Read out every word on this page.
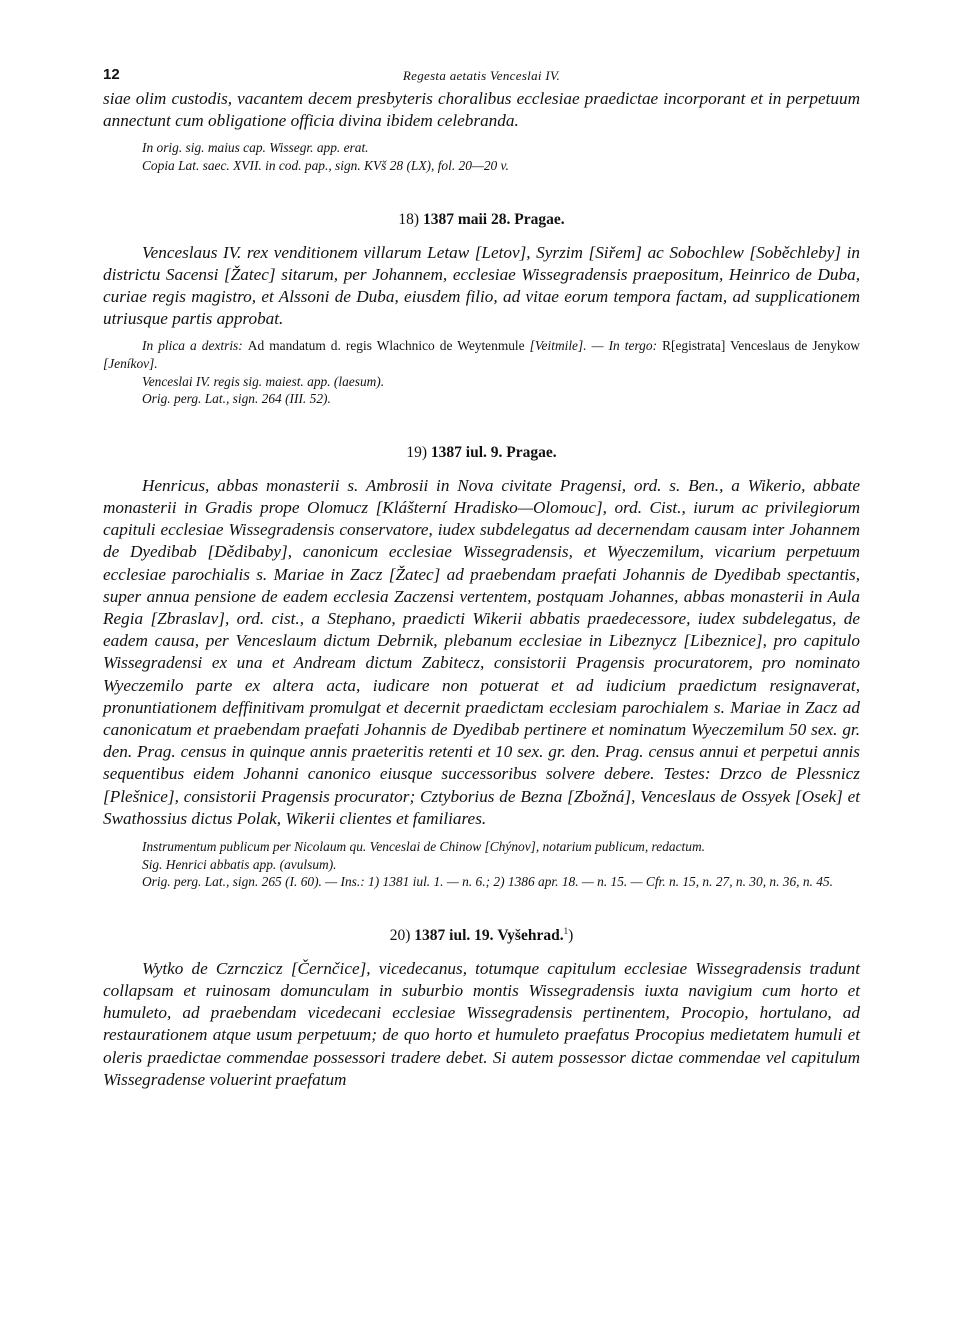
12	Regesta aetatis Venceslai IV.

siae olim custodis, vacantem decem presbyteris choralibus ecclesiae praedictae incorporant et in perpetuum annectunt cum obligatione officia divina ibidem celebranda.

In orig. sig. maius cap. Wissegr. app. erat.

Copia Lat. saec. XVII. in cod. pap., sign. KVš 28 (LX), fol. 20—20 v.

18) 1387 maii 28. Pragae.

Venceslaus IV. rex venditionem villarum Letaw [Letov], Syrzim [Siřem] ac Sobochlew [Soběchleby] in districtu Sacensi [Žatec] sitarum, per Johannem, ecclesiae Wissegradensis praepositum, Heinrico de Duba, curiae regis magistro, et Alssoni de Duba, eiusdem filio, ad vitae eorum tempora factam, ad supplicationem utriusque partis approbat.

In plica a dextris: Ad mandatum d. regis Wlachnico de Weytenmule [Veitmile]. — In tergo: R[egistrata] Venceslaus de Jenykow [Jeníkov].

Venceslai IV. regis sig. maiest. app. (laesum).

Orig. perg. Lat., sign. 264 (III. 52).

19) 1387 iul. 9. Pragae.

Henricus, abbas monasterii s. Ambrosii in Nova civitate Pragensi, ord. s. Ben., a Wikerio, abbate monasterii in Gradis prope Olomucz [Klášterní Hradisko—Olomouc], ord. Cist., iurum ac privilegiorum capituli ecclesiae Wissegradensis conservatore, iudex subdelegatus ad decernendam causam inter Johannem de Dyedibab [Dědibaby], canonicum ecclesiae Wissegradensis, et Wyeczemilum, vicarium perpetuum ecclesiae parochialis s. Mariae in Zacz [Žatec] ad praebendam praefati Johannis de Dyedibab spectantis, super annua pensione de eadem ecclesia Zaczensi vertentem, postquam Johannes, abbas monasterii in Aula Regia [Zbraslav], ord. cist., a Stephano, praedicti Wikerii abbatis praedecessore, iudex subdelegatus, de eadem causa, per Venceslaum dictum Debrnik, plebanum ecclesiae in Libeznycz [Libeznice], pro capitulo Wissegradensi ex una et Andream dictum Zabitecz, consistorii Pragensis procuratorem, pro nominato Wyeczemilo parte ex altera acta, iudicare non potuerat et ad iudicium praedictum resignaverat, pronuntiationem deffinitivam promulgat et decernit praedictam ecclesiam parochialem s. Mariae in Zacz ad canonicatum et praebendam praefati Johannis de Dyedibab pertinere et nominatum Wyeczemilum 50 sex. gr. den. Prag. census in quinque annis praeteritis retenti et 10 sex. gr. den. Prag. census annui et perpetui annis sequentibus eidem Johanni canonico eiusque successoribus solvere debere. Testes: Drzco de Plessnicz [Plešnice], consistorii Pragensis procurator; Cztyborius de Bezna [Zbožná], Venceslaus de Ossyek [Osek] et Swathossius dictus Polak, Wikerii clientes et familiares.

Instrumentum publicum per Nicolaum qu. Venceslai de Chinow [Chýnov], notarium publicum, redactum.

Sig. Henrici abbatis app. (avulsum).

Orig. perg. Lat., sign. 265 (I. 60). — Ins.: 1) 1381 iul. 1. — n. 6.; 2) 1386 apr. 18. — n. 15. — Cfr. n. 15, n. 27, n. 30, n. 36, n. 45.

20) 1387 iul. 19. Vyšehrad.$^1$)

Wytko de Czrnczicz [Černčice], vicedecanus, totumque capitulum ecclesiae Wissegradensis tradunt collapsam et ruinosam domunculam in suburbio montis Wissegradensis iuxta navigium cum horto et humuleto, ad praebendam vicedecani ecclesiae Wissegradensis pertinentem, Procopio, hortulano, ad restaurationem atque usum perpetuum; de quo horto et humuleto praefatus Procopius medietatem humuli et oleris praedictae commendae possessori tradere debet. Si autem possessor dictae commendae vel capitulum Wissegradense voluerint praefatum
